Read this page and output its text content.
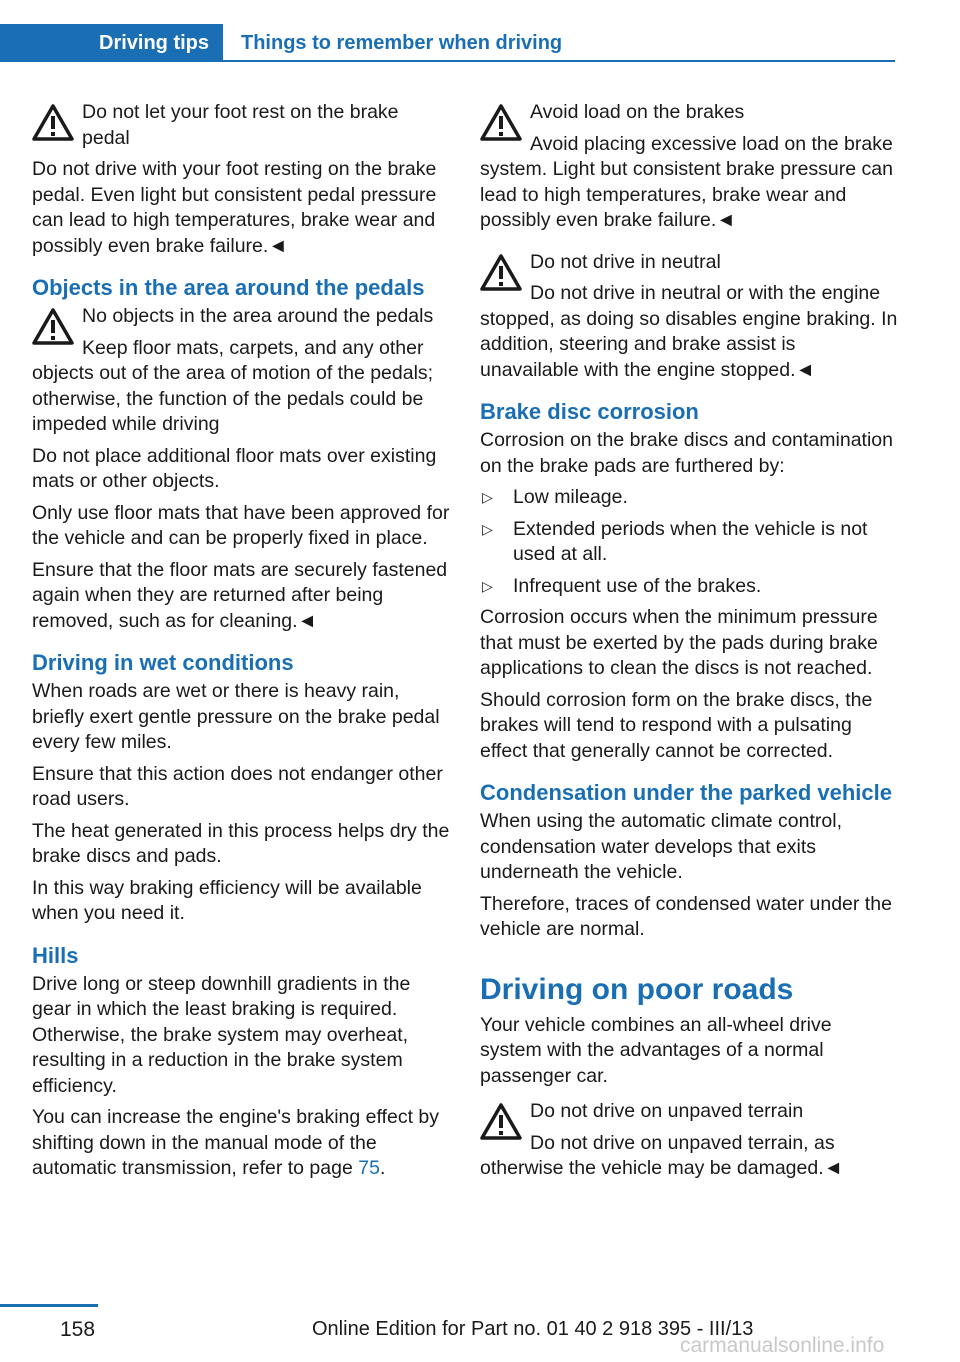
Driving tips	Things to remember when driving
Do not let your foot rest on the brake pedal
Do not drive with your foot resting on the brake pedal. Even light but consistent pedal pressure can lead to high temperatures, brake wear and possibly even brake failure.◄
Objects in the area around the pedals
No objects in the area around the pedals
Keep floor mats, carpets, and any other objects out of the area of motion of the pedals; otherwise, the function of the pedals could be impeded while driving

Do not place additional floor mats over existing mats or other objects.

Only use floor mats that have been approved for the vehicle and can be properly fixed in place.

Ensure that the floor mats are securely fastened again when they are returned after being removed, such as for cleaning.◄

Driving in wet conditions

When roads are wet or there is heavy rain, briefly exert gentle pressure on the brake pedal every few miles.

Ensure that this action does not endanger other road users.

The heat generated in this process helps dry the brake discs and pads.

In this way braking efficiency will be available when you need it.

Hills

Drive long or steep downhill gradients in the gear in which the least braking is required. Otherwise, the brake system may overheat, resulting in a reduction in the brake system efficiency.

You can increase the engine's braking effect by shifting down in the manual mode of the automatic transmission, refer to page 75.

Avoid load on the brakes
Avoid placing excessive load on the brake system. Light but consistent brake pressure can lead to high temperatures, brake wear and possibly even brake failure.◄
Do not drive in neutral
Do not drive in neutral or with the engine stopped, as doing so disables engine braking. In addition, steering and brake assist is unavailable with the engine stopped.◄
Brake disc corrosion

Corrosion on the brake discs and contamination on the brake pads are furthered by:

▷ Low mileage.
▷ Extended periods when the vehicle is not used at all.
▷ Infrequent use of the brakes.

Corrosion occurs when the minimum pressure that must be exerted by the pads during brake applications to clean the discs is not reached.

Should corrosion form on the brake discs, the brakes will tend to respond with a pulsating effect that generally cannot be corrected.

Condensation under the parked vehicle

When using the automatic climate control, condensation water develops that exits underneath the vehicle.

Therefore, traces of condensed water under the vehicle are normal.

Driving on poor roads

Your vehicle combines an all-wheel drive system with the advantages of a normal passenger car.

Do not drive on unpaved terrain
Do not drive on unpaved terrain, as otherwise the vehicle may be damaged.◄
158	Online Edition for Part no. 01 40 2 918 395 - III/13
carmanualsonline.info
